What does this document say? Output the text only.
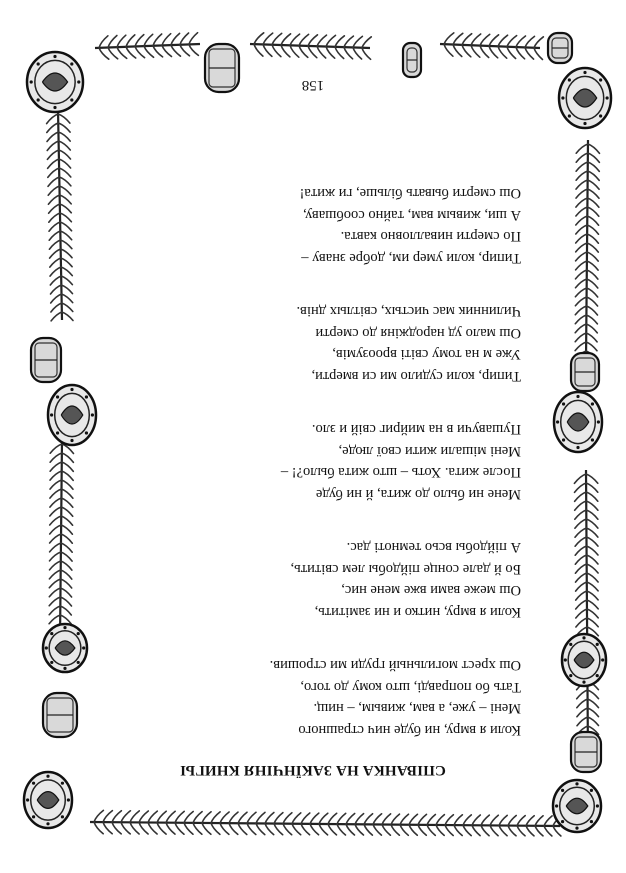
СПІВАНКА НА ЗАКЇНЧІНЯ КНИГЫ
Коли я вмру, ни буде нич страшного
Мені – уже, а вам, живым, – нищ.
Тать бо поправді, што кому до того,
Ош хрест могильный груди ми строшив.
Коли я вмру, нитко и ни замітить,
Ош меже вами вже мене нис,
Бо й дале сонце пійдобы лем світить,
А пійдобы всьо темноті дас.
Мене ни было до жита, й ни буде
После жита. Хоть – што жита было?! –
Мені мішали жити свої люде,
Пушавучи в на мийриг свiй и зло.
Типир, коли судило ми си вмерти,
Уже м на тому світі вроозумів,
Ош мало уд народжіня до смерти
Чилинник мас чистых, світлых днів.
Типир, коли умер им, добре знаву –
По смерти нивалловно кавта.
А ши, живым вам, тайно сообшаву,
Ош смерти бывать бiльше, ги жита!
158
